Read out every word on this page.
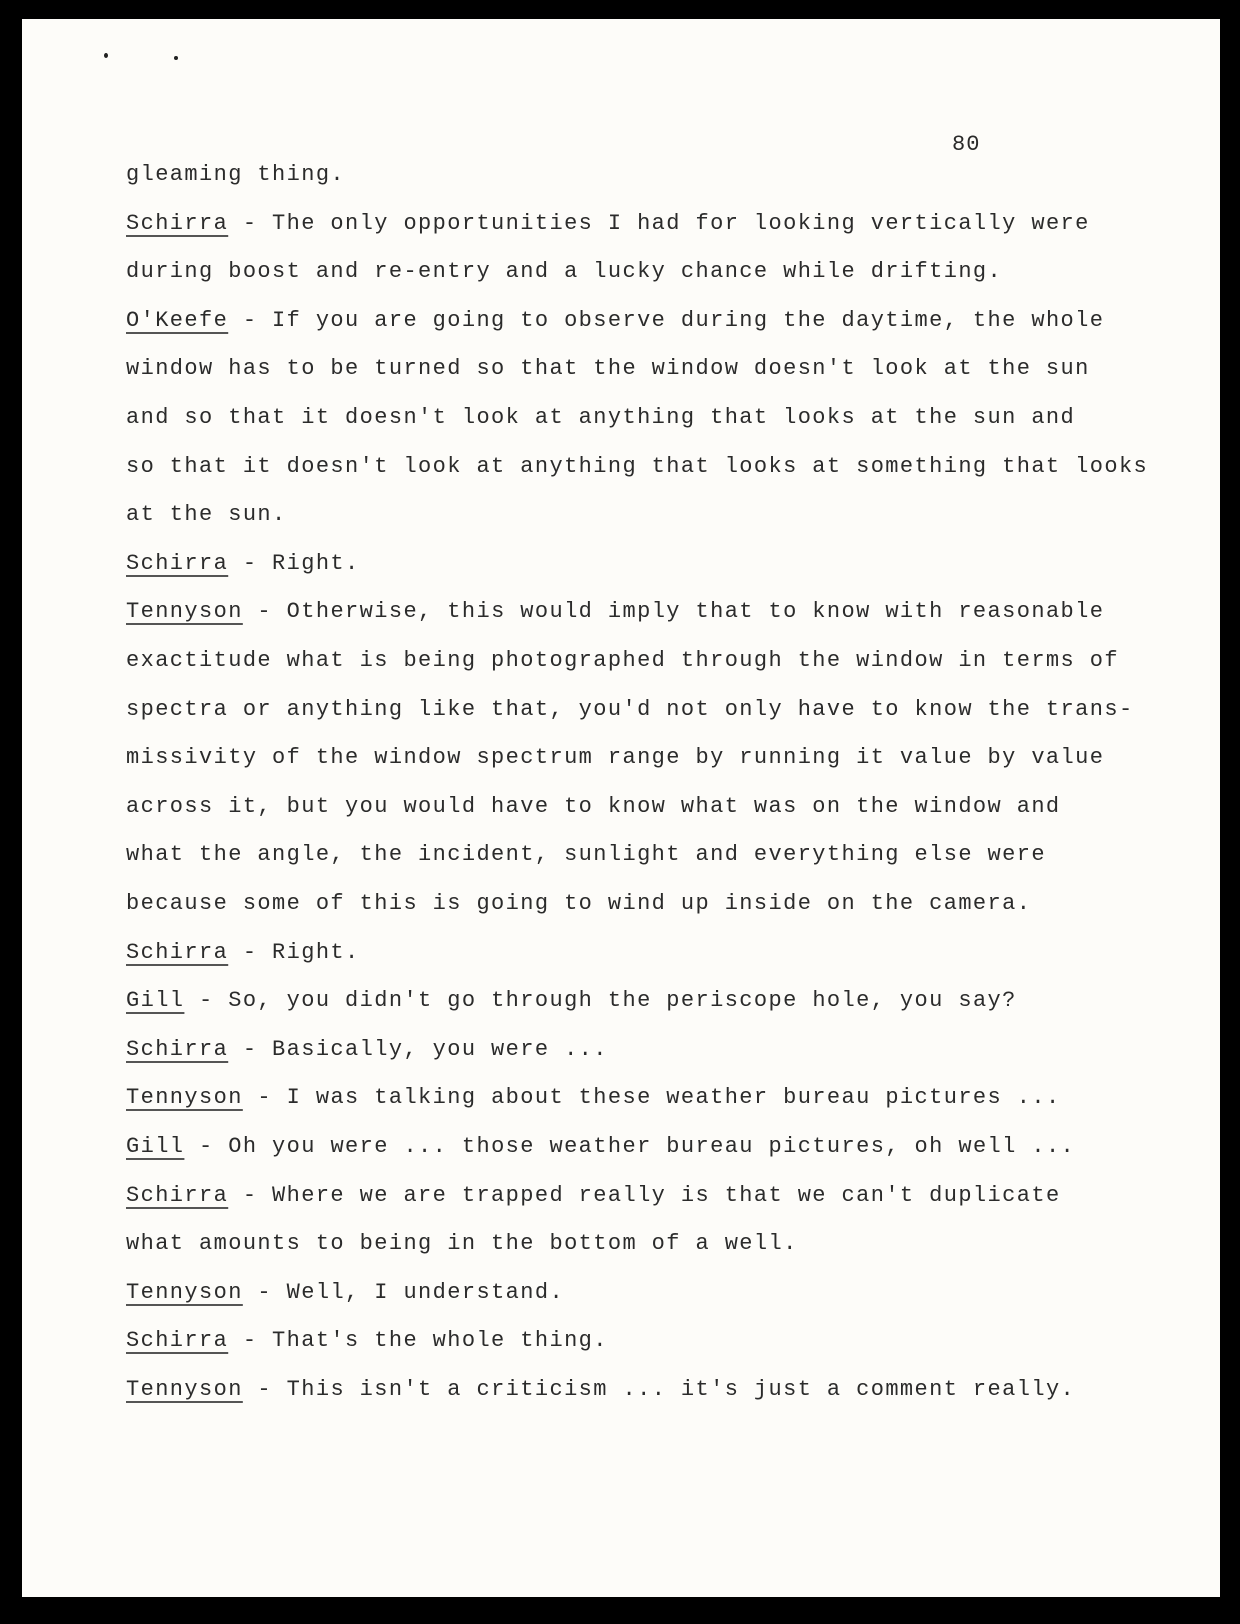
80
gleaming thing.
Schirra - The only opportunities I had for looking vertically were
during boost and re-entry and a lucky chance while drifting.
O'Keefe - If you are going to observe during the daytime, the whole
window has to be turned so that the window doesn't look at the sun
and so that it doesn't look at anything that looks at the sun and
so that it doesn't look at anything that looks at something that looks
at the sun.
Schirra - Right.
Tennyson - Otherwise, this would imply that to know with reasonable
exactitude what is being photographed through the window in terms of
spectra or anything like that, you'd not only have to know the trans-
missivity of the window spectrum range by running it value by value
across it, but you would have to know what was on the window and
what the angle, the incident, sunlight and everything else were
because some of this is going to wind up inside on the camera.
Schirra - Right.
Gill - So, you didn't go through the periscope hole, you say?
Schirra - Basically, you were ...
Tennyson - I was talking about these weather bureau pictures ...
Gill - Oh you were ... those weather bureau pictures, oh well ...
Schirra - Where we are trapped really is that we can't duplicate
what amounts to being in the bottom of a well.
Tennyson - Well, I understand.
Schirra - That's the whole thing.
Tennyson - This isn't a criticism ... it's just a comment really.
